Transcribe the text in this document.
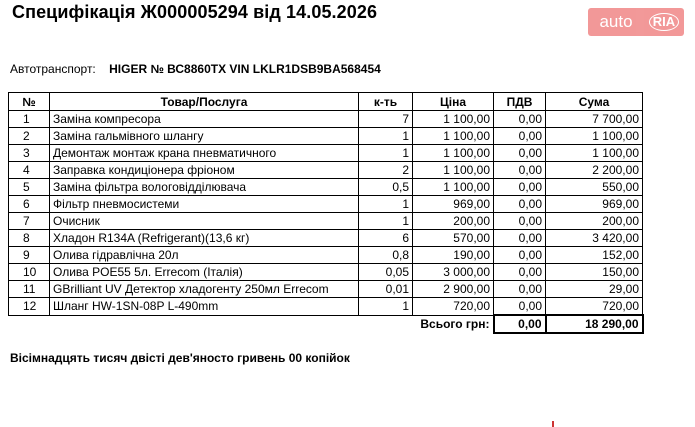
Специфікація Ж000005294 від 14.05.2026	auto	RIA
Автотранспорт: HIGER № ВС8860ТХ VIN LKLR1DSB9BA568454
№	Товар/Послуга	к-ть	Ціна	ПДВ	Сума
1	Заміна компресора	7	1 100,00	0,00	7 700,00
2	Заміна гальмівного шлангу	1	1 100,00	0,00	1 100,00
3	Демонтаж монтаж крана пневматичного	1	1 100,00	0,00	1 100,00
4	Заправка кондиціонера фріоном	2	1 100,00	0,00	2 200,00
5	Заміна фільтра вологовідділювача	0,5	1 100,00	0,00	550,00
6	Фільтр пневмосистеми	1	969,00	0,00	969,00
7	Очисник	1	200,00	0,00	200,00
8	Хладон R134A (Refrigerant)(13,6 кг)	6	570,00	0,00	3 420,00
9	Олива гідравлічна 20л	0,8	190,00	0,00	152,00
10	Олива POE55 5л. Errecom (Італія)	0,05	3 000,00	0,00	150,00
11	GBrilliant UV Детектор хладогенту 250мл Errecom	0,01	2 900,00	0,00	29,00
12	Шланг HW-1SN-08P L-490mm	1	720,00	0,00	720,00
			Всього грн:	0,00	18 290,00
Вісімнадцять тисяч двісті дев'яносто гривень 00 копійок
